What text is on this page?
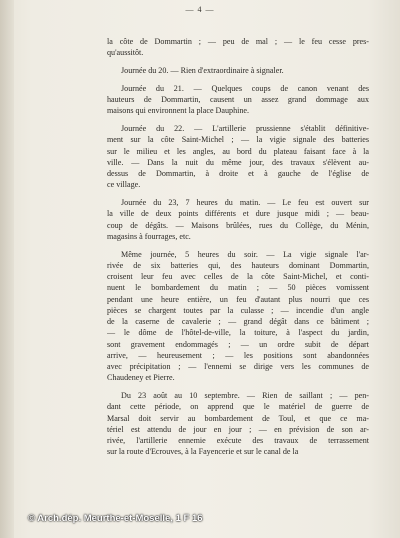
— 4 —
la côte de Dommartin ; — peu de mal ; — le feu cesse pres-
qu'aussitôt.
Journée du 20. — Rien d'extraordinaire à signaler.
Journée du 21. — Quelques coups de canon venant des
hauteurs de Dommartin, causent un assez grand dommage aux
maisons qui environnent la place Dauphine.
Journée du 22. — L'artillerie prussienne s'établit définitive-
ment sur la côte Saint-Michel ; — la vigie signale des batteries
sur le milieu et les angles, au bord du plateau faisant face à la
ville. — Dans la nuit du même jour, des travaux s'élèvent au-
dessus de Dommartin, à droite et à gauche de l'église de
ce village.
Journée du 23, 7 heures du matin. — Le feu est ouvert sur
la ville de deux points différents et dure jusque midi ; — beau-
coup de dégâts. — Maisons brûlées, rues du Collège, du Ménin,
magasins à fourrages, etc.
Même journée, 5 heures du soir. — La vigie signale l'ar-
rivée de six batteries qui, des hauteurs dominant Dommartin,
croisent leur feu avec celles de la côte Saint-Michel, et conti-
nuent le bombardement du matin ; — 50 pièces vomissent
pendant une heure entière, un feu d'autant plus nourri que ces
pièces se chargent toutes par la culasse ; — incendie d'un angle
de la caserne de cavalerie ; — grand dégât dans ce bâtiment ;
— le dôme de l'hôtel-de-ville, la toiture, à l'aspect du jardin,
sont gravement endommagés ; — un ordre subit de départ
arrive, — heureusement ; — les positions sont abandonnées
avec précipitation ; — l'ennemi se dirige vers les communes de
Chaudeney et Pierre.
Du 23 août au 10 septembre. — Rien de saillant ; — pen-
dant cette période, on apprend que le matériel de guerre de
Marsal doit servir au bombardement de Toul, et que ce ma-
tériel est attendu de jour en jour ; — en prévision de son ar-
rivée, l'artillerie ennemie exécute des travaux de terrassement
sur la route d'Ecrouves, à la Fayencerie et sur le canal de la
© Arch.dép. Meurthe-et-Moselle, 1 F 16
